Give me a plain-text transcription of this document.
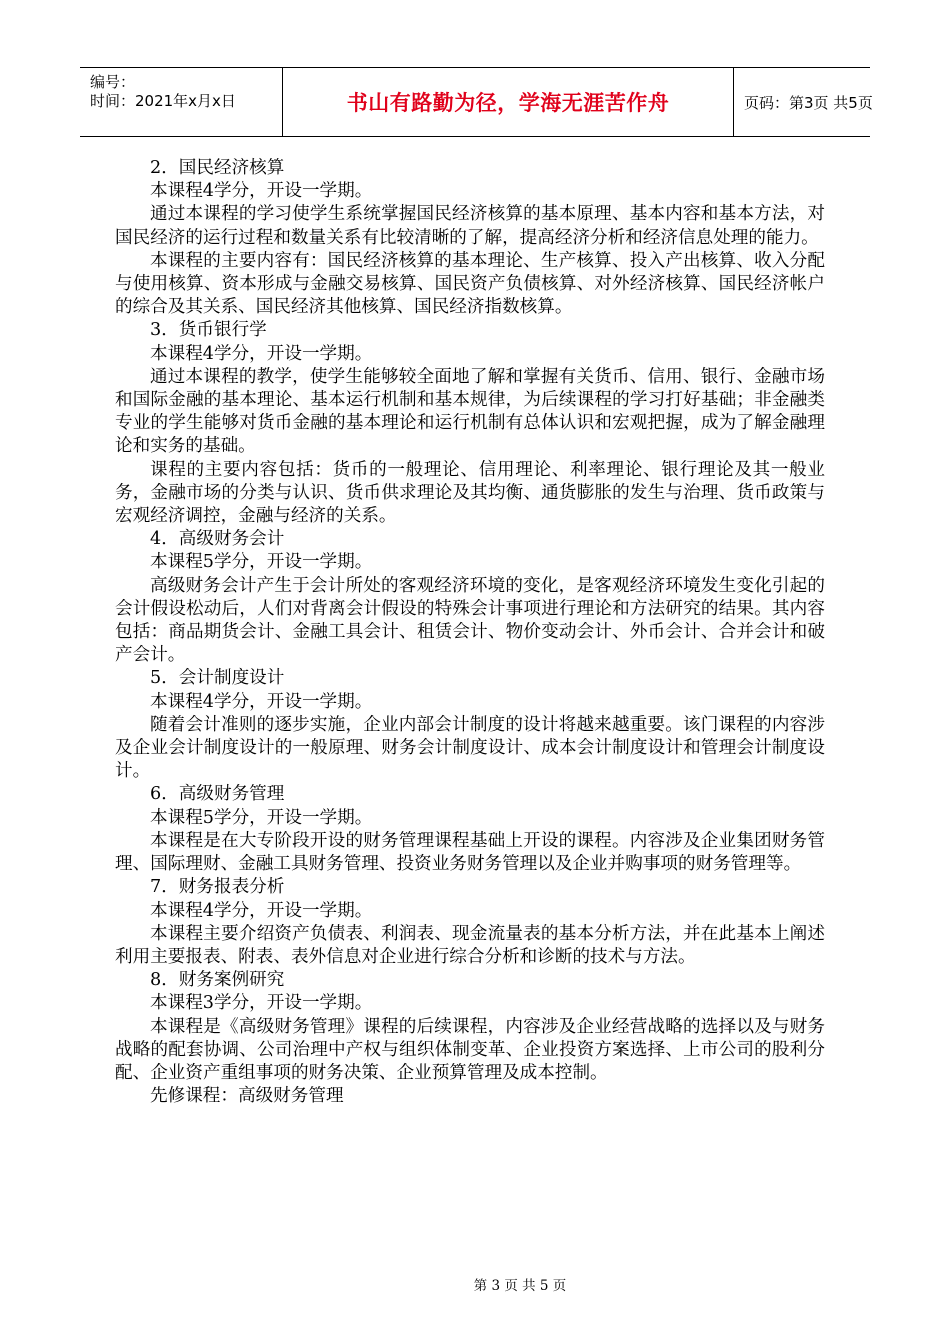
编号：
时间：2021年x月x日	书山有路勤为径，学海无涯苦作舟	页码：第3页 共5页

2．国民经济核算

本课程4学分，开设一学期。

通过本课程的学习使学生系统掌握国民经济核算的基本原理、基本内容和基本方法，对国民经济的运行过程和数量关系有比较清晰的了解，提高经济分析和经济信息处理的能力。

本课程的主要内容有：国民经济核算的基本理论、生产核算、投入产出核算、收入分配与使用核算、资本形成与金融交易核算、国民资产负债核算、对外经济核算、国民经济帐户的综合及其关系、国民经济其他核算、国民经济指数核算。

3．货币银行学

本课程4学分，开设一学期。

通过本课程的教学，使学生能够较全面地了解和掌握有关货币、信用、银行、金融市场和国际金融的基本理论、基本运行机制和基本规律，为后续课程的学习打好基础；非金融类专业的学生能够对货币金融的基本理论和运行机制有总体认识和宏观把握，成为了解金融理论和实务的基础。

课程的主要内容包括：货币的一般理论、信用理论、利率理论、银行理论及其一般业务，金融市场的分类与认识、货币供求理论及其均衡、通货膨胀的发生与治理、货币政策与宏观经济调控，金融与经济的关系。

4．高级财务会计

本课程5学分，开设一学期。

高级财务会计产生于会计所处的客观经济环境的变化，是客观经济环境发生变化引起的会计假设松动后，人们对背离会计假设的特殊会计事项进行理论和方法研究的结果。其内容包括：商品期货会计、金融工具会计、租赁会计、物价变动会计、外币会计、合并会计和破产会计。

5．会计制度设计

本课程4学分，开设一学期。

随着会计准则的逐步实施，企业内部会计制度的设计将越来越重要。该门课程的内容涉及企业会计制度设计的一般原理、财务会计制度设计、成本会计制度设计和管理会计制度设计。

6．高级财务管理

本课程5学分，开设一学期。

本课程是在大专阶段开设的财务管理课程基础上开设的课程。内容涉及企业集团财务管理、国际理财、金融工具财务管理、投资业务财务管理以及企业并购事项的财务管理等。

7．财务报表分析

本课程4学分，开设一学期。

本课程主要介绍资产负债表、利润表、现金流量表的基本分析方法，并在此基本上阐述利用主要报表、附表、表外信息对企业进行综合分析和诊断的技术与方法。

8．财务案例研究

本课程3学分，开设一学期。

本课程是《高级财务管理》课程的后续课程，内容涉及企业经营战略的选择以及与财务战略的配套协调、公司治理中产权与组织体制变革、企业投资方案选择、上市公司的股利分配、企业资产重组事项的财务决策、企业预算管理及成本控制。

先修课程：高级财务管理

第 3 页 共 5 页
